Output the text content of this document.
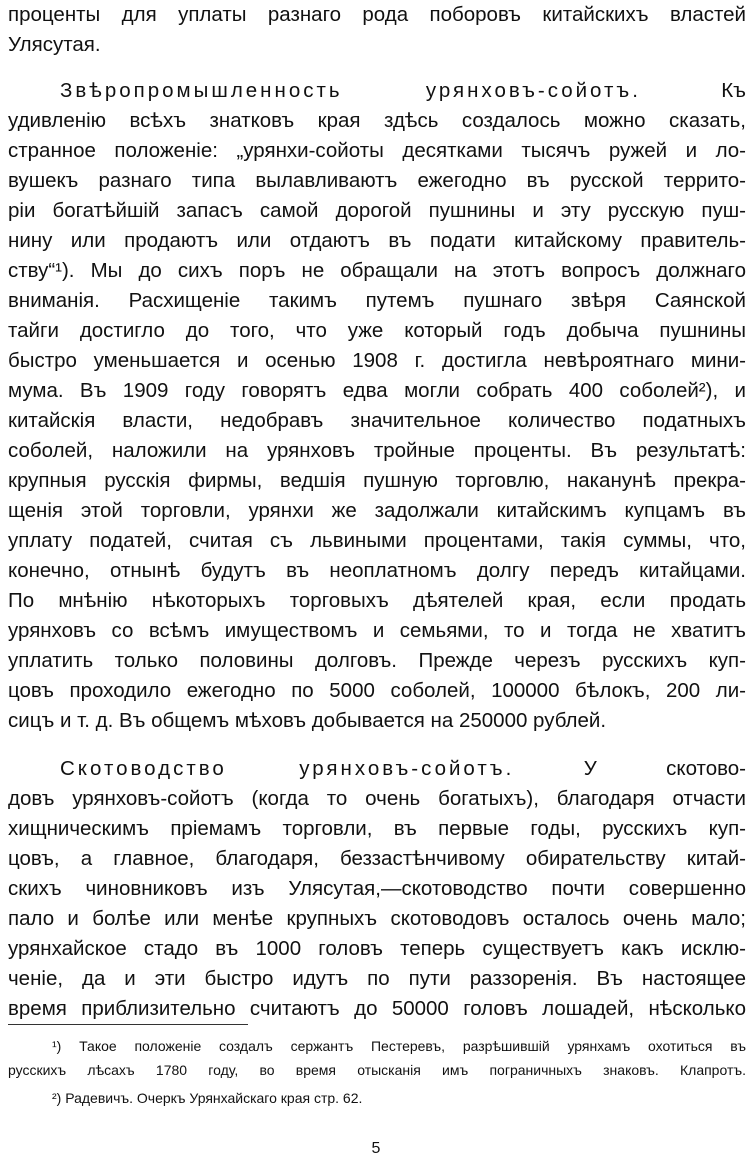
проценты для уплаты разнаго рода поборовъ китайскихъ властей
Улясутая.
Звѣропромышленность урянховъ-сойотъ.	Къ
удивленію всѣхъ знатковъ края здѣсь создалось можно сказать,
странное положеніе: „урянхи-сойоты десятками тысячъ ружей и ло-
вушекъ разнаго типа вылавливаютъ ежегодно въ русской террито-
ріи богатѣйшій запасъ самой дорогой пушнины и эту русскую пуш-
нину или продаютъ или отдаютъ въ подати китайскому правитель-
ству“¹). Мы до сихъ поръ не обращали на этотъ вопросъ должнаго
вниманія. Расхищеніе такимъ путемъ пушнаго звѣря Саянской
тайги достигло до того, что уже который годъ добыча пушнины
быстро уменьшается и осенью 1908 г. достигла невѣроятнаго мини-
мума. Въ 1909 году говорятъ едва могли собрать 400 соболей²), и
китайскія власти, недобравъ значительное количество податныхъ
соболей, наложили на урянховъ тройные проценты. Въ результатѣ:
крупныя русскія фирмы, ведшія пушную торговлю, наканунѣ прекра-
щенія этой торговли, урянхи же задолжали китайскимъ купцамъ въ
уплату податей, считая съ львиными процентами, такія суммы, что,
конечно, отнынѣ будутъ въ неоплатномъ долгу передъ китайцами.
По мнѣнію нѣкоторыхъ торговыхъ дѣятелей края, если продать
урянховъ со всѣмъ имуществомъ и семьями, то и тогда не хватитъ
уплатить только половины долговъ. Прежде черезъ русскихъ куп-
цовъ проходило ежегодно по 5000 соболей, 100000 бѣлокъ, 200 ли-
сицъ и т. д. Въ общемъ мѣховъ добывается на 250000 рублей.
Скотоводство урянховъ-сойотъ.	У скотово-
довъ урянховъ-сойотъ (когда то очень богатыхъ), благодаря отчасти
хищническимъ пріемамъ торговли, въ первые годы, русскихъ куп-
цовъ, а главное, благодаря, беззастѣнчивому обирательству китай-
скихъ чиновниковъ изъ Улясутая,—скотоводство почти совершенно
пало и болѣе или менѣе крупныхъ скотоводовъ осталось очень мало;
урянхайское стадо въ 1000 головъ теперь существуетъ какъ исклю-
ченіе, да и эти быстро идутъ по пути раззоренія. Въ настоящее
время приблизительно считаютъ до 50000 головъ лошадей, нѣсколько
¹) Такое положеніе создалъ сержантъ Пестеревъ, разрѣшившій урянхамъ охотиться въ
русскихъ лѣсахъ 1780 году, во время отысканія имъ пограничныхъ знаковъ. Клапротъ.
²) Радевичъ. Очеркъ Урянхайскаго края стр. 62.
5
